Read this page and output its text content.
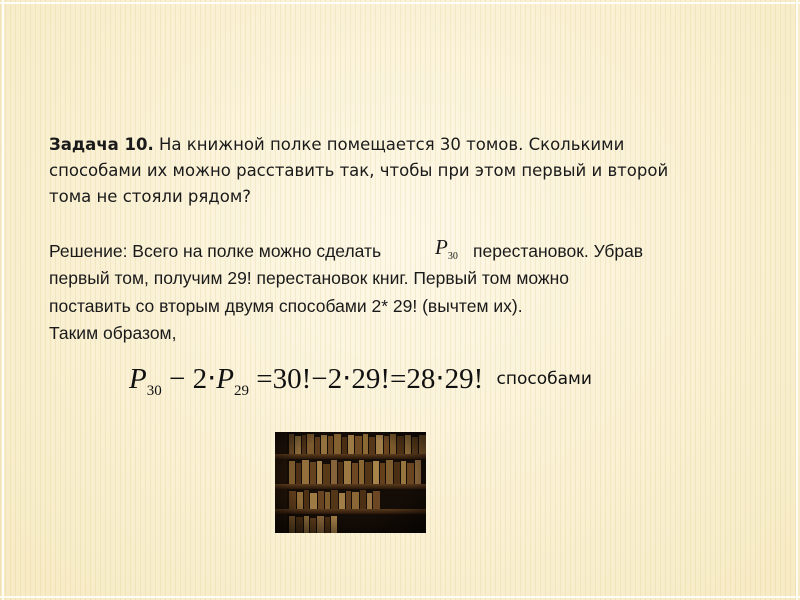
Задача 10. На книжной полке помещается 30 томов. Сколькими
способами их можно расставить так, чтобы при этом первый и второй
тома не стояли рядом?
Решение: Всего на полке можно сделать	$P_{30}$ перестановок. Убрав
первый том, получим 29! перестановок книг. Первый том можно
поставить со вторым двумя способами 2* 29! (вычтем их).
Таким образом,
$P_{30} - 2\cdot P_{29} =30!-2\cdot 29!=28\cdot 29$! способами
